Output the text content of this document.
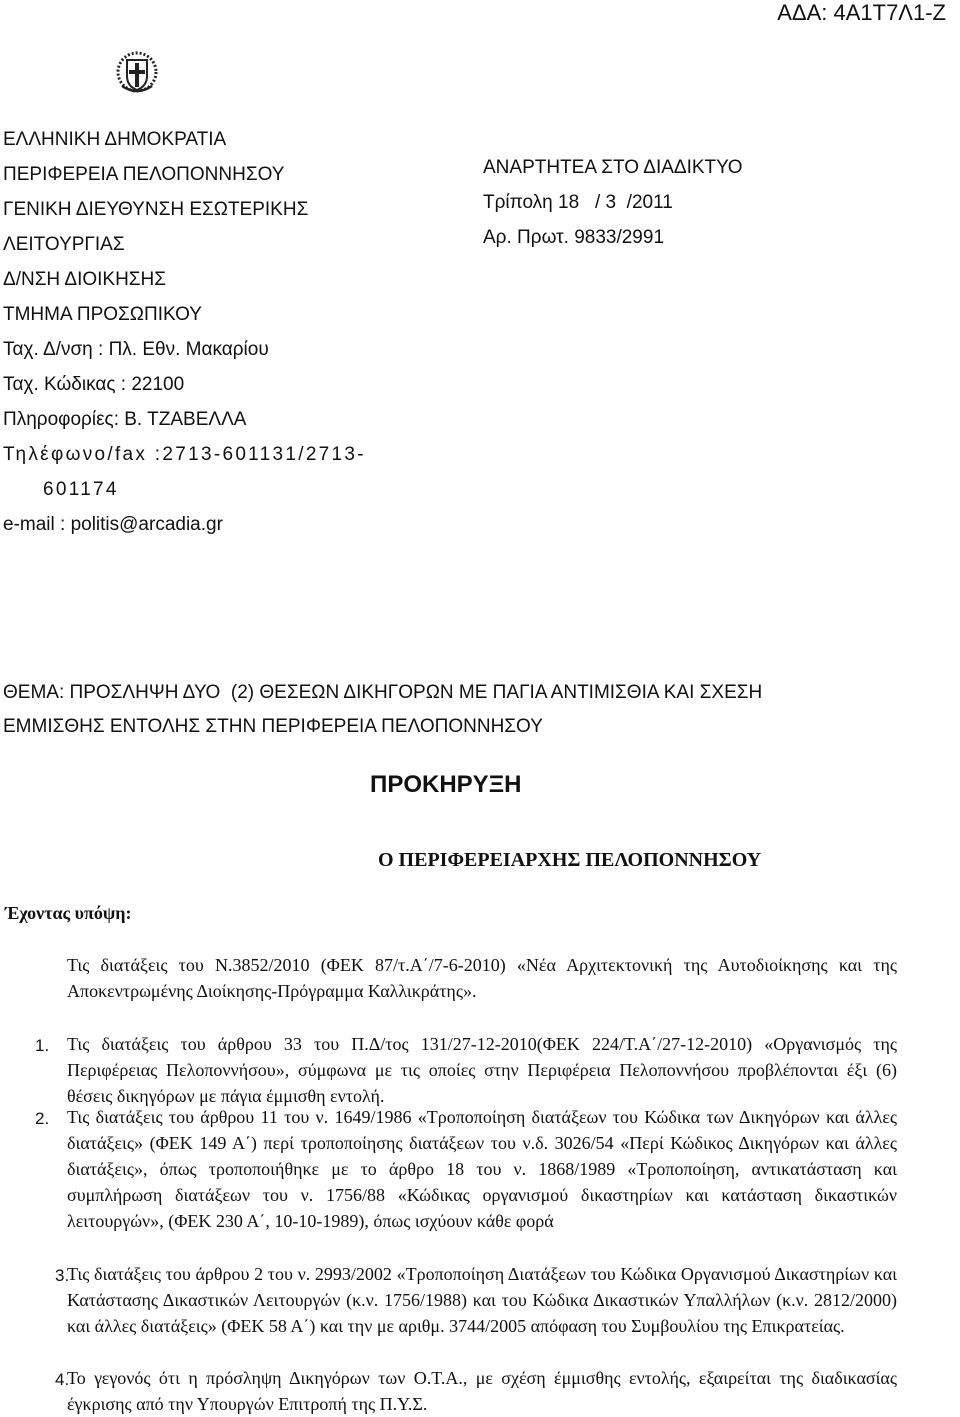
ΑΔΑ: 4Α1Τ7Λ1-Ζ
ΕΛΛΗΝΙΚΗ ΔΗΜΟΚΡΑΤΙΑ
ΠΕΡΙΦΕΡΕΙΑ ΠΕΛΟΠΟΝΝΗΣΟΥ
ΓΕΝΙΚΗ ΔΙΕΥΘΥΝΣΗ ΕΣΩΤΕΡΙΚΗΣ
ΛΕΙΤΟΥΡΓΙΑΣ
Δ/ΝΣΗ ΔΙΟΙΚΗΣΗΣ
ΤΜΗΜΑ ΠΡΟΣΩΠΙΚΟΥ
Ταχ. Δ/νση : Πλ. Εθν. Μακαρίου
Ταχ. Κώδικας : 22100
Πληροφορίες: Β. ΤΖΑΒΕΛΛΑ
Τηλέφωνο/fax :2713-601131/2713-
601174
e-mail : politis@arcadia.gr
ΑΝΑΡΤΗΤΕΑ ΣΤΟ ΔΙΑΔΙΚΤΥΟ
Τρίπολη 18   / 3  /2011
Αρ. Πρωτ. 9833/2991
ΘΕΜΑ: ΠΡΟΣΛΗΨΗ ΔΥΟ  (2) ΘΕΣΕΩΝ ΔΙΚΗΓΟΡΩΝ ΜΕ ΠΑΓΙΑ ΑΝΤΙΜΙΣΘΙΑ ΚΑΙ ΣΧΕΣΗ
ΕΜΜΙΣΘΗΣ ΕΝΤΟΛΗΣ ΣΤΗΝ ΠΕΡΙΦΕΡΕΙΑ ΠΕΛΟΠΟΝΝΗΣΟΥ
ΠΡΟΚΗΡΥΞΗ
Ο ΠΕΡΙΦΕΡΕΙΑΡΧΗΣ ΠΕΛΟΠΟΝΝΗΣΟΥ
Έχοντας υπόψη:
Τις διατάξεις του Ν.3852/2010 (ΦΕΚ 87/τ.Α΄/7-6-2010) «Νέα Αρχιτεκτονική της Αυτοδιοίκησης και της Αποκεντρωμένης Διοίκησης-Πρόγραμμα Καλλικράτης».
1. Τις διατάξεις του άρθρου 33 του Π.Δ/τος 131/27-12-2010(ΦΕΚ 224/Τ.Α΄/27-12-2010) «Οργανισμός της Περιφέρειας Πελοποννήσου», σύμφωνα με τις οποίες στην Περιφέρεια Πελοποννήσου προβλέπονται έξι (6) θέσεις δικηγόρων με πάγια έμμισθη εντολή.
2. Τις διατάξεις του άρθρου 11 του ν. 1649/1986 «Τροποποίηση διατάξεων του Κώδικα των Δικηγόρων και άλλες διατάξεις» (ΦΕΚ 149 Α΄) περί τροποποίησης διατάξεων του ν.δ. 3026/54 «Περί Κώδικος Δικηγόρων και άλλες διατάξεις», όπως τροποποιήθηκε με το άρθρο 18 του ν. 1868/1989 «Τροποποίηση, αντικατάσταση και συμπλήρωση διατάξεων του ν. 1756/88 «Κώδικας οργανισμού δικαστηρίων και κατάσταση δικαστικών λειτουργών», (ΦΕΚ 230 Α΄, 10-10-1989), όπως ισχύουν κάθε φορά
3.
Τις διατάξεις του άρθρου 2 του ν. 2993/2002 «Τροποποίηση Διατάξεων του Κώδικα Οργανισμού Δικαστηρίων και Κατάστασης Δικαστικών Λειτουργών (κ.ν. 1756/1988) και του Κώδικα Δικαστικών Υπαλλήλων (κ.ν. 2812/2000) και άλλες διατάξεις» (ΦΕΚ 58 Α΄) και την με αριθμ. 3744/2005 απόφαση του Συμβουλίου της Επικρατείας.
4.
Το γεγονός ότι η πρόσληψη Δικηγόρων των Ο.Τ.Α., με σχέση έμμισθης εντολής, εξαιρείται της διαδικασίας έγκρισης από την Υπουργών Επιτροπή της Π.Υ.Σ.
